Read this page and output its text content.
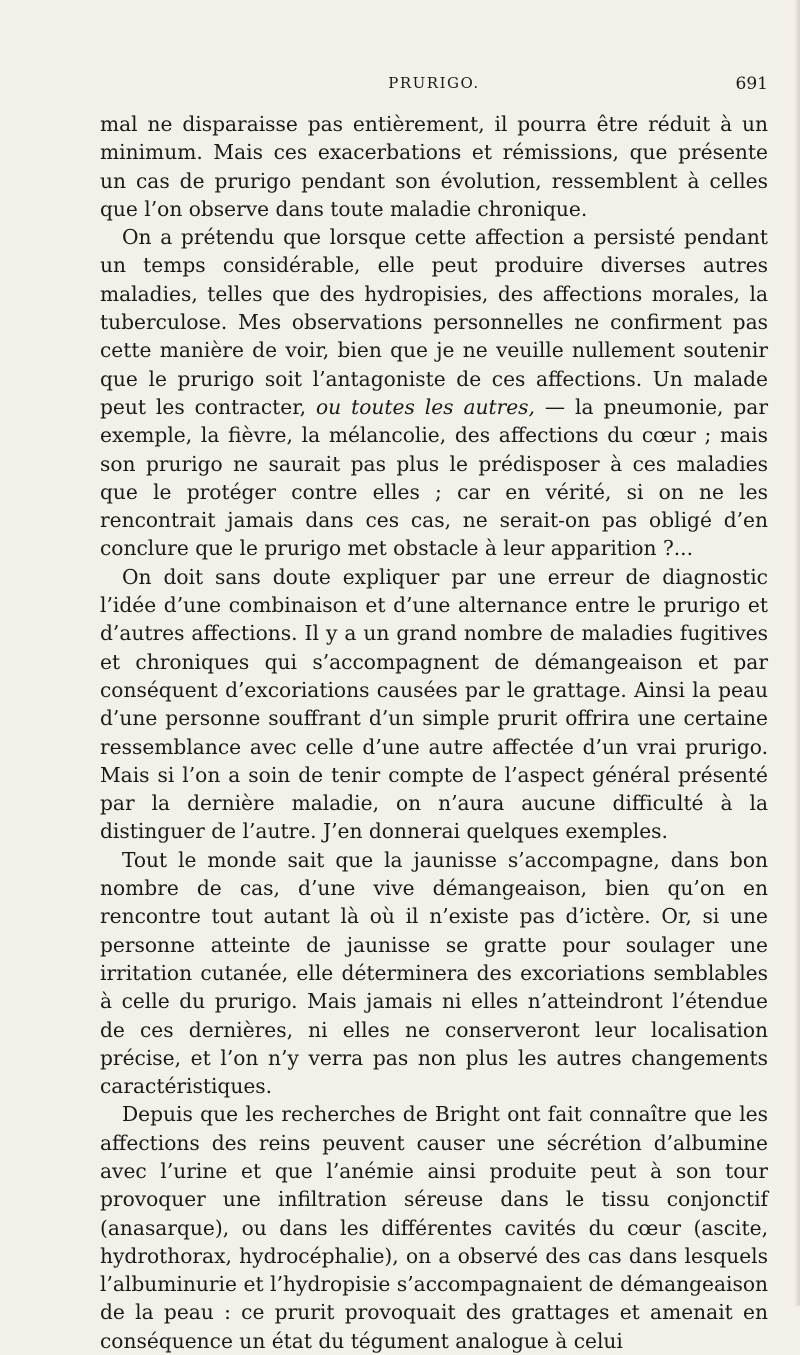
PRURIGO.	691

mal ne disparaisse pas entièrement, il pourra être réduit à un minimum. Mais ces exacerbations et rémissions, que présente un cas de prurigo pendant son évolution, ressemblent à celles que l’on observe dans toute maladie chronique.

On a prétendu que lorsque cette affection a persisté pendant un temps considérable, elle peut produire diverses autres maladies, telles que des hydropisies, des affections morales, la tuberculose. Mes observations personnelles ne confirment pas cette manière de voir, bien que je ne veuille nullement soutenir que le prurigo soit l’antagoniste de ces affections. Un malade peut les contracter, ou toutes les autres, — la pneumonie, par exemple, la fièvre, la mélancolie, des affections du cœur ; mais son prurigo ne saurait pas plus le prédisposer à ces maladies que le protéger contre elles ; car en vérité, si on ne les rencontrait jamais dans ces cas, ne serait-on pas obligé d’en conclure que le prurigo met obstacle à leur apparition ?...

On doit sans doute expliquer par une erreur de diagnostic l’idée d’une combinaison et d’une alternance entre le prurigo et d’autres affections. Il y a un grand nombre de maladies fugitives et chroniques qui s’accompagnent de démangeaison et par conséquent d’excoriations causées par le grattage. Ainsi la peau d’une personne souffrant d’un simple prurit offrira une certaine ressemblance avec celle d’une autre affectée d’un vrai prurigo. Mais si l’on a soin de tenir compte de l’aspect général présenté par la dernière maladie, on n’aura aucune difficulté à la distinguer de l’autre. J’en donnerai quelques exemples.

Tout le monde sait que la jaunisse s’accompagne, dans bon nombre de cas, d’une vive démangeaison, bien qu’on en rencontre tout autant là où il n’existe pas d’ictère. Or, si une personne atteinte de jaunisse se gratte pour soulager une irritation cutanée, elle déterminera des excoriations semblables à celle du prurigo. Mais jamais ni elles n’atteindront l’étendue de ces dernières, ni elles ne conserveront leur localisation précise, et l’on n’y verra pas non plus les autres changements caractéristiques.

Depuis que les recherches de Bright ont fait connaître que les affections des reins peuvent causer une sécrétion d’albumine avec l’urine et que l’anémie ainsi produite peut à son tour provoquer une infiltration séreuse dans le tissu conjonctif (anasarque), ou dans les différentes cavités du cœur (ascite, hydrothorax, hydrocéphalie), on a observé des cas dans lesquels l’albuminurie et l’hydropisie s’accompagnaient de démangeaison de la peau : ce prurit provoquait des grattages et amenait en conséquence un état du tégument analogue à celui
